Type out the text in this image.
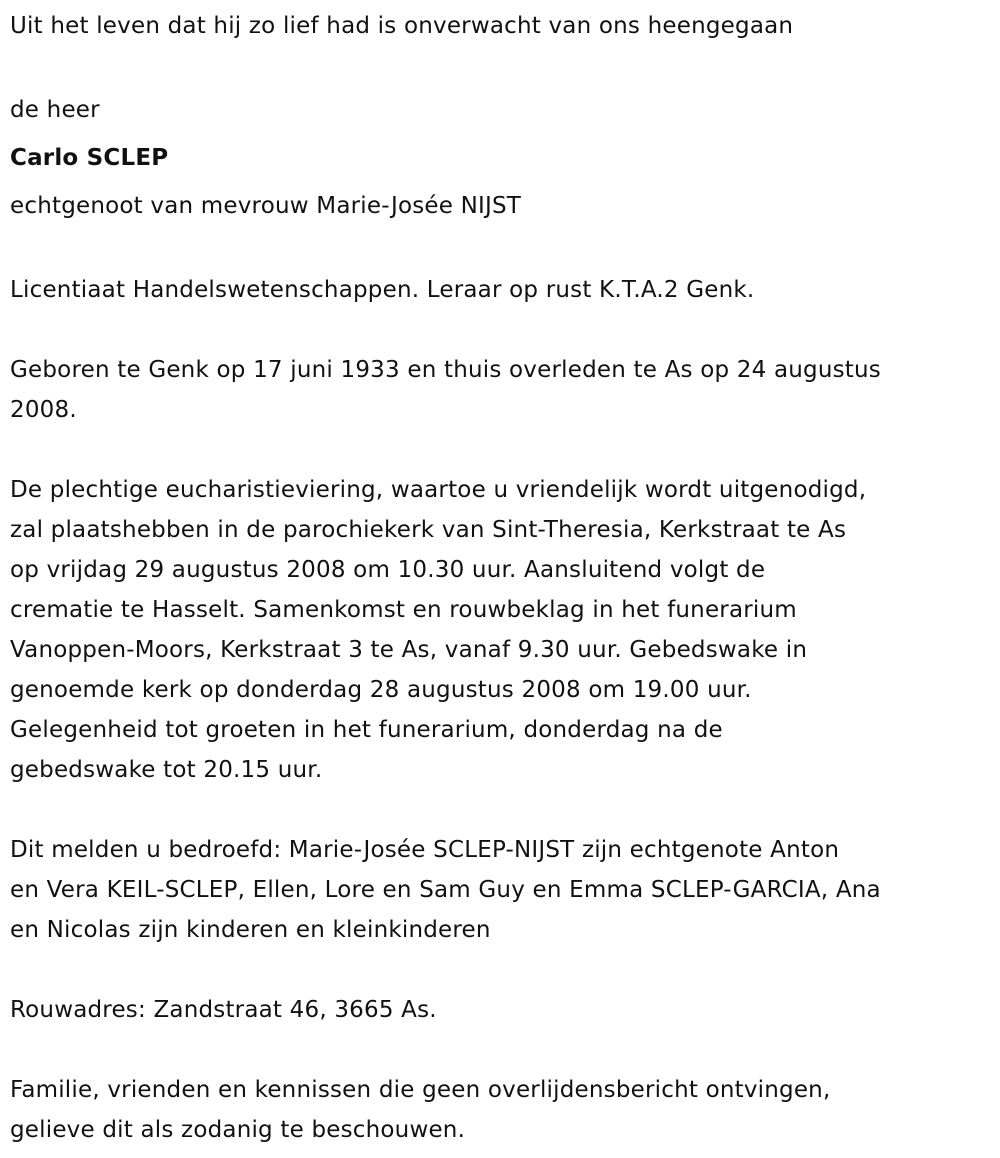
Uit het leven dat hij zo lief had is onverwacht van ons heengegaan
de heer
Carlo SCLEP
echtgenoot van mevrouw Marie-Josée NIJST
Licentiaat Handelswetenschappen. Leraar op rust K.T.A.2 Genk.
Geboren te Genk op 17 juni 1933 en thuis overleden te As op 24 augustus
2008.
De plechtige eucharistieviering, waartoe u vriendelijk wordt uitgenodigd,
zal plaatshebben in de parochiekerk van Sint-Theresia, Kerkstraat te As
op vrijdag 29 augustus 2008 om 10.30 uur. Aansluitend volgt de
crematie te Hasselt. Samenkomst en rouwbeklag in het funerarium
Vanoppen-Moors, Kerkstraat 3 te As, vanaf 9.30 uur. Gebedswake in
genoemde kerk op donderdag 28 augustus 2008 om 19.00 uur.
Gelegenheid tot groeten in het funerarium, donderdag na de
gebedswake tot 20.15 uur.
Dit melden u bedroefd: Marie-Josée SCLEP-NIJST zijn echtgenote Anton
en Vera KEIL-SCLEP, Ellen, Lore en Sam Guy en Emma SCLEP-GARCIA, Ana
en Nicolas zijn kinderen en kleinkinderen
Rouwadres: Zandstraat 46, 3665 As.
Familie, vrienden en kennissen die geen overlijdensbericht ontvingen,
gelieve dit als zodanig te beschouwen.
